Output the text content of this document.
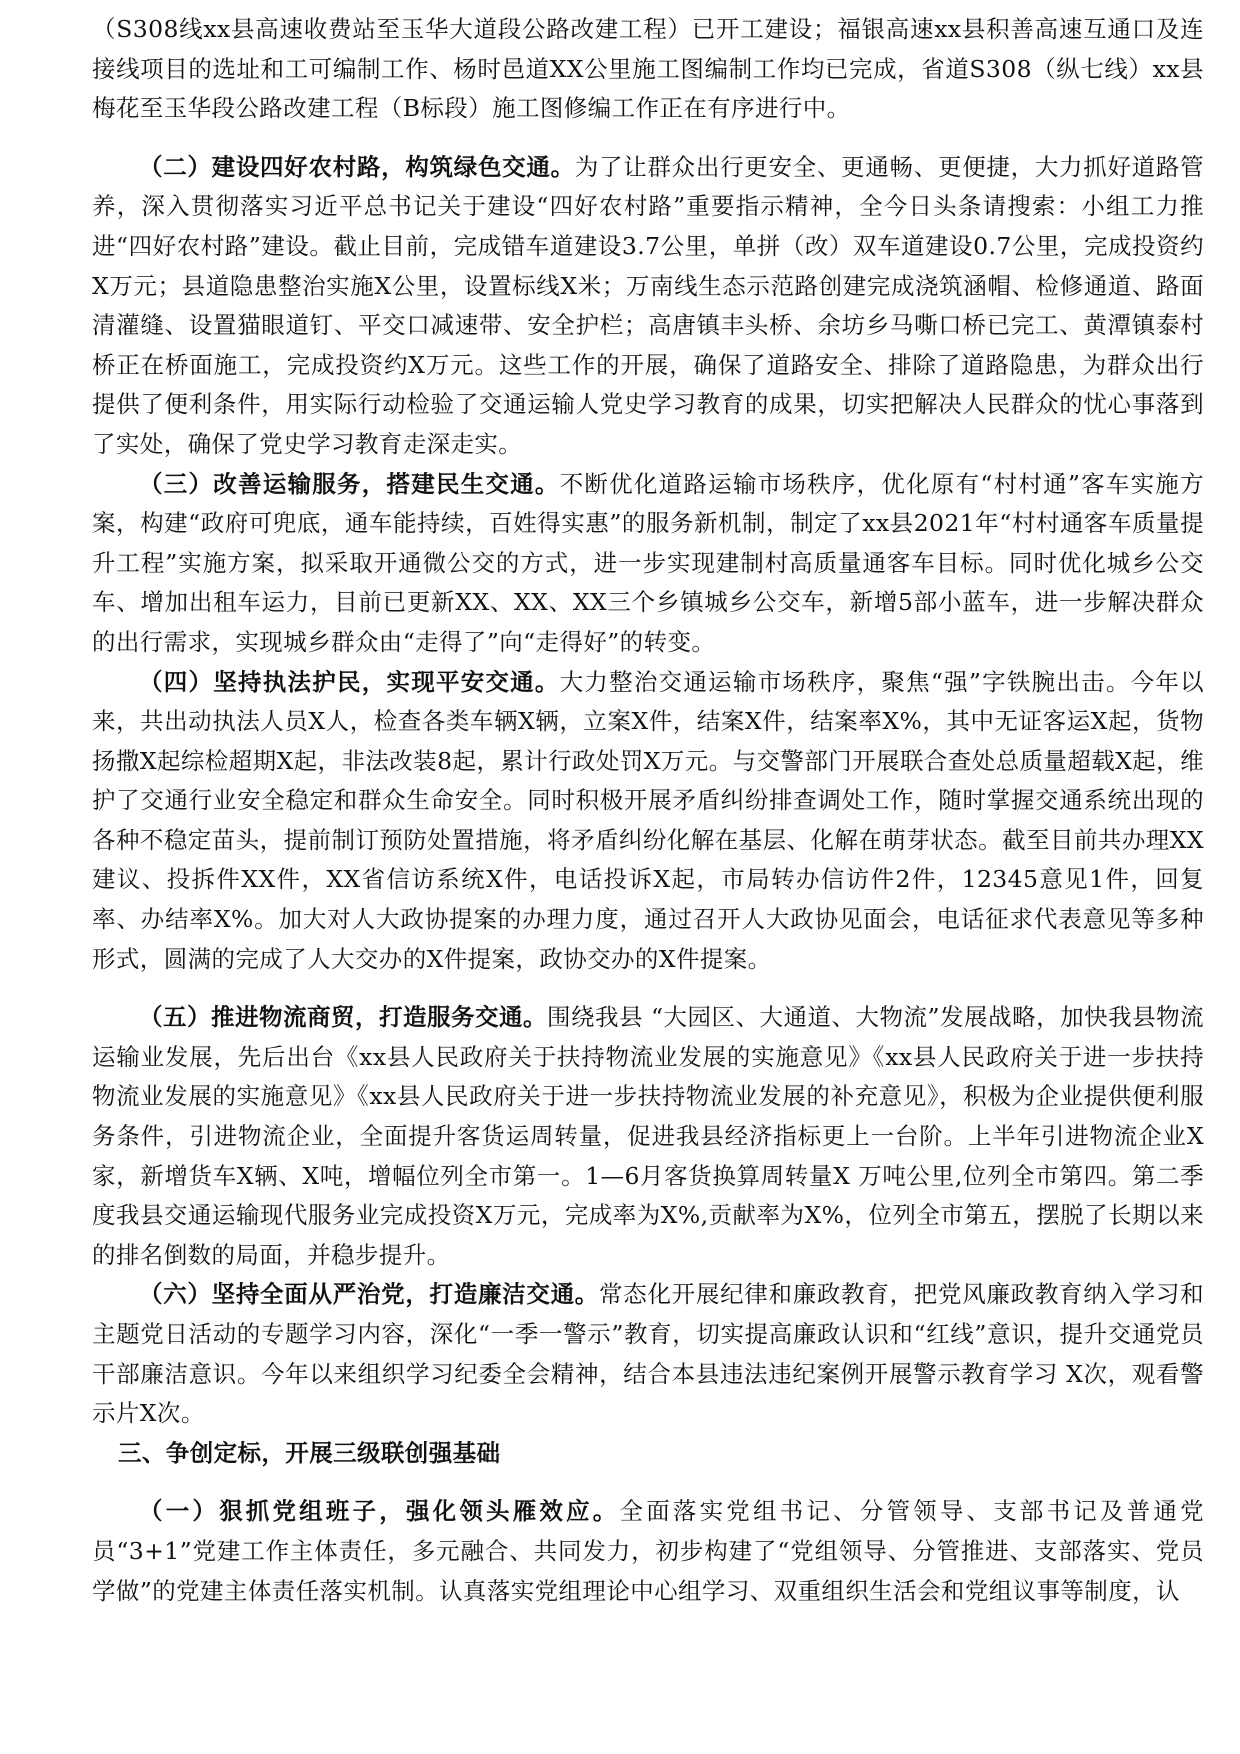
（S308线xx县高速收费站至玉华大道段公路改建工程）已开工建设；福银高速xx县积善高速互通口及连接线项目的选址和工可编制工作、杨时邑道XX公里施工图编制工作均已完成，省道S308（纵七线）xx县梅花至玉华段公路改建工程（B标段）施工图修编工作正在有序进行中。

（二）建设四好农村路，构筑绿色交通。为了让群众出行更安全、更通畅、更便捷，大力抓好道路管养，深入贯彻落实习近平总书记关于建设“四好农村路”重要指示精神，全今日头条请搜索：小组工力推进“四好农村路”建设。截止目前，完成错车道建设3.7公里，单拼（改）双车道建设0.7公里，完成投资约X万元；县道隐患整治实施X公里，设置标线X米；万南线生态示范路创建完成浇筑涵帽、检修通道、路面清灌缝、设置猫眼道钉、平交口减速带、安全护栏；高唐镇丰头桥、余坊乡马嘶口桥已完工、黄潭镇泰村桥正在桥面施工，完成投资约X万元。这些工作的开展，确保了道路安全、排除了道路隐患，为群众出行提供了便利条件，用实际行动检验了交通运输人党史学习教育的成果，切实把解决人民群众的忧心事落到了实处，确保了党史学习教育走深走实。

（三）改善运输服务，搭建民生交通。不断优化道路运输市场秩序，优化原有“村村通”客车实施方案，构建“政府可兜底，通车能持续，百姓得实惠”的服务新机制，制定了xx县2021年“村村通客车质量提升工程”实施方案，拟采取开通微公交的方式，进一步实现建制村高质量通客车目标。同时优化城乡公交车、增加出租车运力，目前已更新XX、XX、XX三个乡镇城乡公交车，新增5部小蓝车，进一步解决群众的出行需求，实现城乡群众由“走得了”向“走得好”的转变。

（四）坚持执法护民，实现平安交通。大力整治交通运输市场秩序，聚焦“强”字铁腕出击。今年以来，共出动执法人员X人，检查各类车辆X辆，立案X件，结案X件，结案率X%，其中无证客运X起，货物扬撒X起综检超期X起，非法改装8起，累计行政处罚X万元。与交警部门开展联合查处总质量超载X起，维护了交通行业安全稳定和群众生命安全。同时积极开展矛盾纠纷排查调处工作，随时掌握交通系统出现的各种不稳定苗头，提前制订预防处置措施，将矛盾纠纷化解在基层、化解在萌芽状态。截至目前共办理XX建议、投拆件XX件，XX省信访系统X件，电话投诉X起，市局转办信访件2件，12345意见1件，回复率、办结率X%。加大对人大政协提案的办理力度，通过召开人大政协见面会，电话征求代表意见等多种形式，圆满的完成了人大交办的X件提案，政协交办的X件提案。

（五）推进物流商贸，打造服务交通。围绕我县 “大园区、大通道、大物流”发展战略，加快我县物流运输业发展，先后出台《xx县人民政府关于扶持物流业发展的实施意见》《xx县人民政府关于进一步扶持物流业发展的实施意见》《xx县人民政府关于进一步扶持物流业发展的补充意见》，积极为企业提供便利服务条件，引进物流企业，全面提升客货运周转量，促进我县经济指标更上一台阶。上半年引进物流企业X家，新增货车X辆、X吨，增幅位列全市第一。1—6月客货换算周转量X 万吨公里,位列全市第四。第二季度我县交通运输现代服务业完成投资X万元，完成率为X%,贡献率为X%，位列全市第五，摆脱了长期以来的排名倒数的局面，并稳步提升。

（六）坚持全面从严治党，打造廉洁交通。常态化开展纪律和廉政教育，把党风廉政教育纳入学习和主题党日活动的专题学习内容，深化“一季一警示”教育，切实提高廉政认识和“红线”意识，提升交通党员干部廉洁意识。今年以来组织学习纪委全会精神，结合本县违法违纪案例开展警示教育学习 X次，观看警示片X次。

三、争创定标，开展三级联创强基础

（一）狠抓党组班子，强化领头雁效应。全面落实党组书记、分管领导、支部书记及普通党员“3+1”党建工作主体责任，多元融合、共同发力，初步构建了“党组领导、分管推进、支部落实、党员学做”的党建主体责任落实机制。认真落实党组理论中心组学习、双重组织生活会和党组议事等制度，认
